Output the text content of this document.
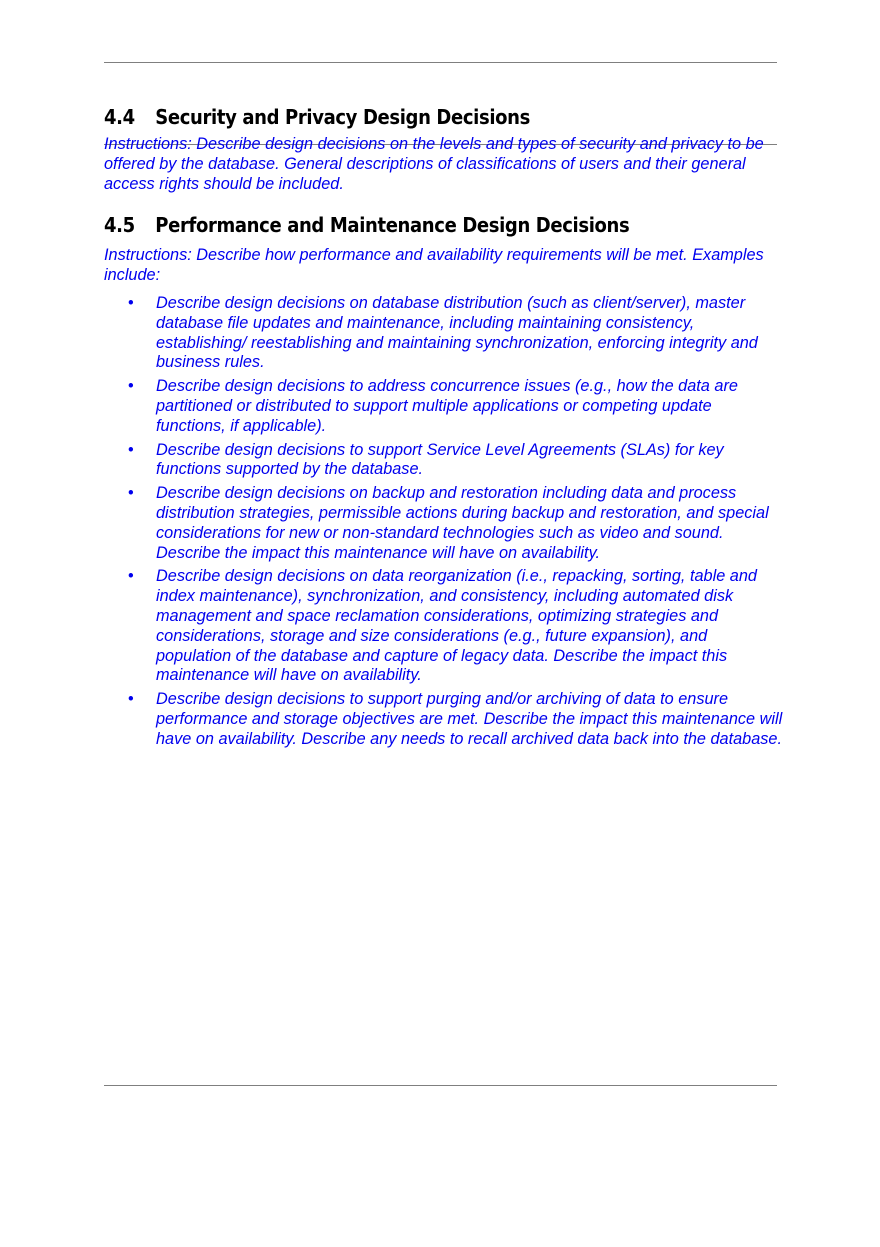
4.4 Security and Privacy Design Decisions

Instructions: Describe design decisions on the levels and types of security and privacy to be offered by the database. General descriptions of classifications of users and their general access rights should be included.

4.5 Performance and Maintenance Design Decisions

Instructions: Describe how performance and availability requirements will be met. Examples include:

• Describe design decisions on database distribution (such as client/server), master database file updates and maintenance, including maintaining consistency, establishing/ reestablishing and maintaining synchronization, enforcing integrity and business rules.
• Describe design decisions to address concurrence issues (e.g., how the data are partitioned or distributed to support multiple applications or competing update functions, if applicable).
• Describe design decisions to support Service Level Agreements (SLAs) for key functions supported by the database.
• Describe design decisions on backup and restoration including data and process distribution strategies, permissible actions during backup and restoration, and special considerations for new or non-standard technologies such as video and sound. Describe the impact this maintenance will have on availability.
• Describe design decisions on data reorganization (i.e., repacking, sorting, table and index maintenance), synchronization, and consistency, including automated disk management and space reclamation considerations, optimizing strategies and considerations, storage and size considerations (e.g., future expansion), and population of the database and capture of legacy data. Describe the impact this maintenance will have on availability.
• Describe design decisions to support purging and/or archiving of data to ensure performance and storage objectives are met. Describe the impact this maintenance will have on availability. Describe any needs to recall archived data back into the database.
